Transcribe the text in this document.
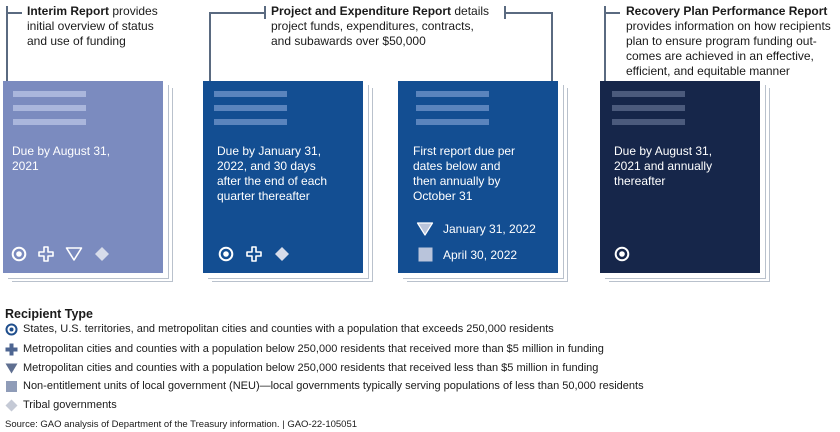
Interim Report provides
initial overview of status
and use of funding
Project and Expenditure Report details
project funds, expenditures, contracts,
and subawards over $50,000
Recovery Plan Performance Report
provides information on how recipients
plan to ensure program funding out-
comes are achieved in an effective,
efficient, and equitable manner
Due by August 31,
2021
Due by January 31,
2022, and 30 days
after the end of each
quarter thereafter
First report due per
dates below and
then annually by
October 31
January 31, 2022
April 30, 2022
Due by August 31,
2021 and annually
thereafter
Recipient Type
States, U.S. territories, and metropolitan cities and counties with a population that exceeds 250,000 residents
Metropolitan cities and counties with a population below 250,000 residents that received more than $5 million in funding
Metropolitan cities and counties with a population below 250,000 residents that received less than $5 million in funding
Non-entitlement units of local government (NEU)—local governments typically serving populations of less than 50,000 residents
Tribal governments
Source: GAO analysis of Department of the Treasury information. | GAO-22-105051
